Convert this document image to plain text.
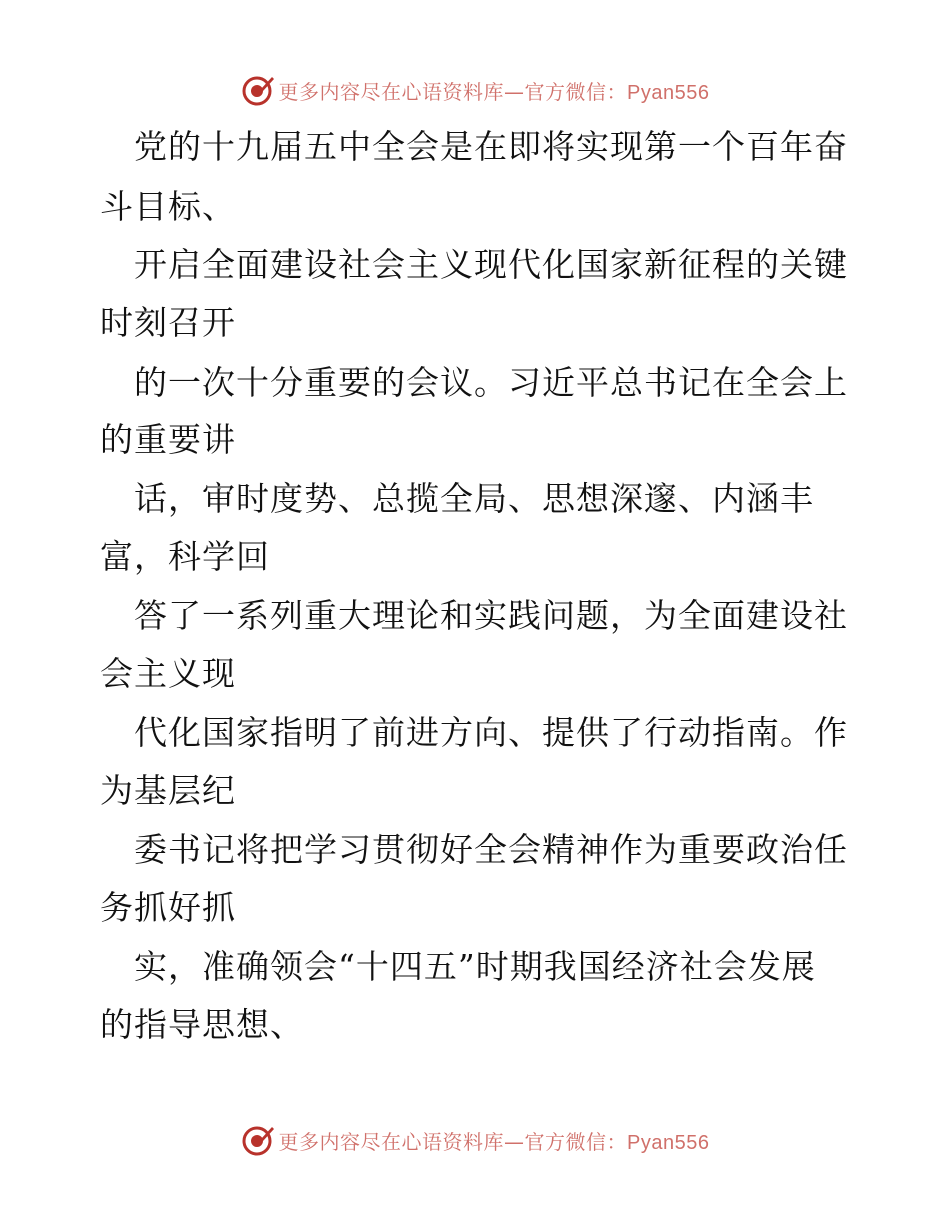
更多内容尽在心语资料库—官方微信：Pyan556
党的十九届五中全会是在即将实现第一个百年奋
斗目标、
开启全面建设社会主义现代化国家新征程的关键
时刻召开
的一次十分重要的会议。习近平总书记在全会上
的重要讲
话，审时度势、总揽全局、思想深邃、内涵丰
富，科学回
答了一系列重大理论和实践问题，为全面建设社
会主义现
代化国家指明了前进方向、提供了行动指南。作
为基层纪
委书记将把学习贯彻好全会精神作为重要政治任
务抓好抓
实，准确领会“十四五”时期我国经济社会发展
的指导思想、
更多内容尽在心语资料库—官方微信：Pyan556
